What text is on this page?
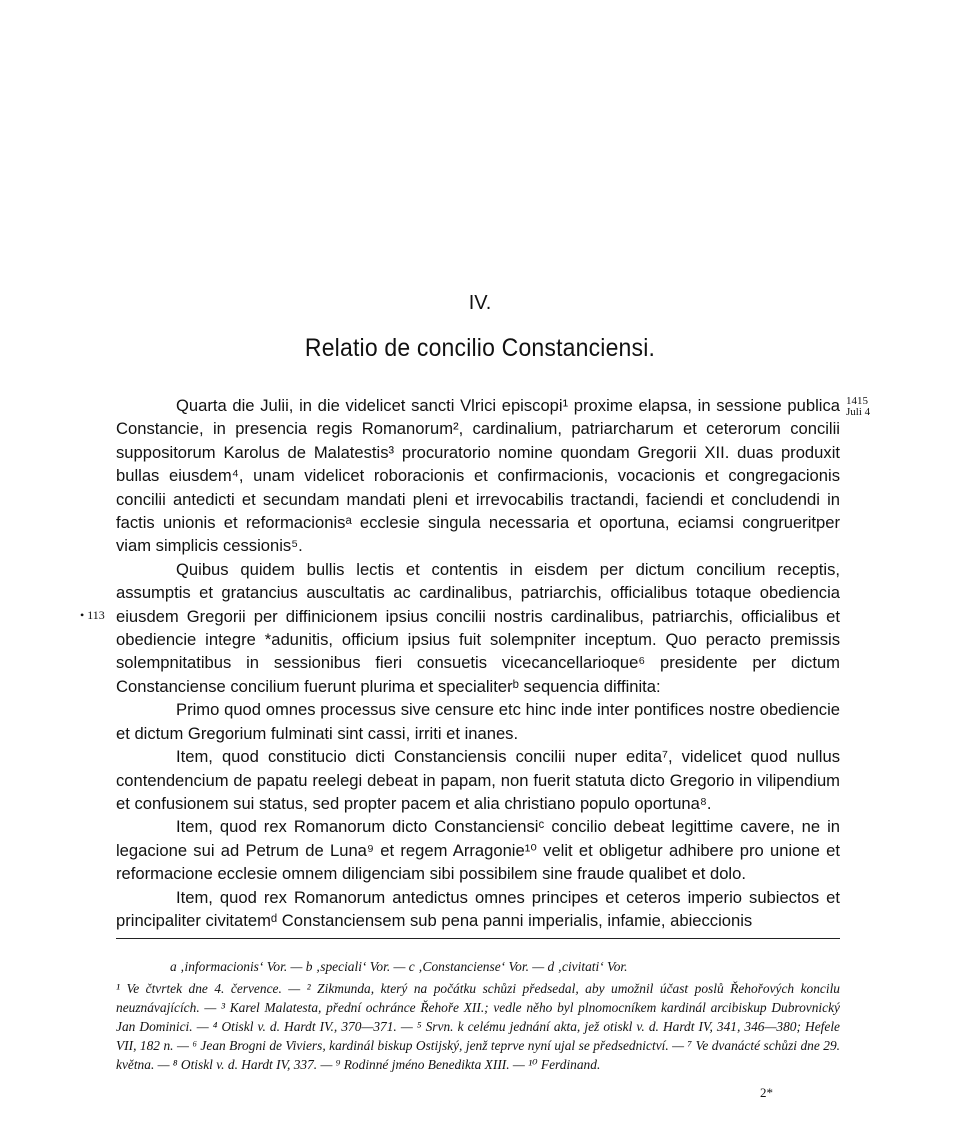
IV.
Relatio de concilio Constanciensi.
1415
Juli 4
• 113

Quarta die Julii, in die videlicet sancti Vlrici episcopi¹ proxime elapsa, in sessione publica Constancie, in presencia regis Romanorum², cardinalium, patriarcharum et ceterorum concilii suppositorum Karolus de Malatestis³ procuratorio nomine quondam Gregorii XII. duas produxit bullas eiusdem⁴, unam videlicet roboracionis et confirmacionis, vocacionis et congregacionis concilii antedicti et secundam mandati pleni et irrevocabilis tractandi, faciendi et concludendi in factis unionis et reformacionisᵃ ecclesie singula necessaria et oportuna, eciamsi congrueritper viam simplicis cessionis⁵.

Quibus quidem bullis lectis et contentis in eisdem per dictum concilium receptis, assumptis et gratancius auscultatis ac cardinalibus, patriarchis, officialibus totaque obediencia eiusdem Gregorii per diffinicionem ipsius concilii nostris cardinalibus, patriarchis, officialibus et obediencie integre *adunitis, officium ipsius fuit solempniter inceptum. Quo peracto premissis solempnitatibus in sessionibus fieri consuetis vicecancellarioque⁶ presidente per dictum Constanciense concilium fuerunt plurima et specialiterᵇ sequencia diffinita:

Primo quod omnes processus sive censure etc hinc inde inter pontifices nostre obediencie et dictum Gregorium fulminati sint cassi, irriti et inanes.

Item, quod constitucio dicti Constanciensis concilii nuper edita⁷, videlicet quod nullus contendencium de papatu reelegi debeat in papam, non fuerit statuta dicto Gregorio in vilipendium et confusionem sui status, sed propter pacem et alia christiano populo oportuna⁸.

Item, quod rex Romanorum dicto Constanciensiᶜ concilio debeat legittime cavere, ne in legacione sui ad Petrum de Luna⁹ et regem Arragonie¹⁰ velit et obligetur adhibere pro unione et reformacione ecclesie omnem diligenciam sibi possibilem sine fraude qualibet et dolo.

Item, quod rex Romanorum antedictus omnes principes et ceteros imperio subiectos et principaliter civitatemᵈ Constanciensem sub pena panni imperialis, infamie, abieccionis

a ‚informacionis‘ Vor. — b ‚speciali‘ Vor. — c ‚Constanciense‘ Vor. — d ‚civitati‘ Vor.

¹ Ve čtvrtek dne 4. července. — ² Zikmunda, který na počátku schůzi předsedal, aby umožnil účast poslů Řehořových koncilu neuznávajících. — ³ Karel Malatesta, přední ochránce Řehoře XII.; vedle něho byl plnomocníkem kardinál arcibiskup Dubrovnický Jan Dominici. — ⁴ Otiskl v. d. Hardt IV., 370—371. — ⁵ Srvn. k celému jednání akta, jež otiskl v. d. Hardt IV, 341, 346—380; Hefele VII, 182 n. — ⁶ Jean Brogni de Viviers, kardinál biskup Ostijský, jenž teprve nyní ujal se předsednictví. — ⁷ Ve dvanácté schůzi dne 29. května. — ⁸ Otiskl v. d. Hardt IV, 337. — ⁹ Rodinné jméno Benedikta XIII. — ¹⁰ Ferdinand.

2*
